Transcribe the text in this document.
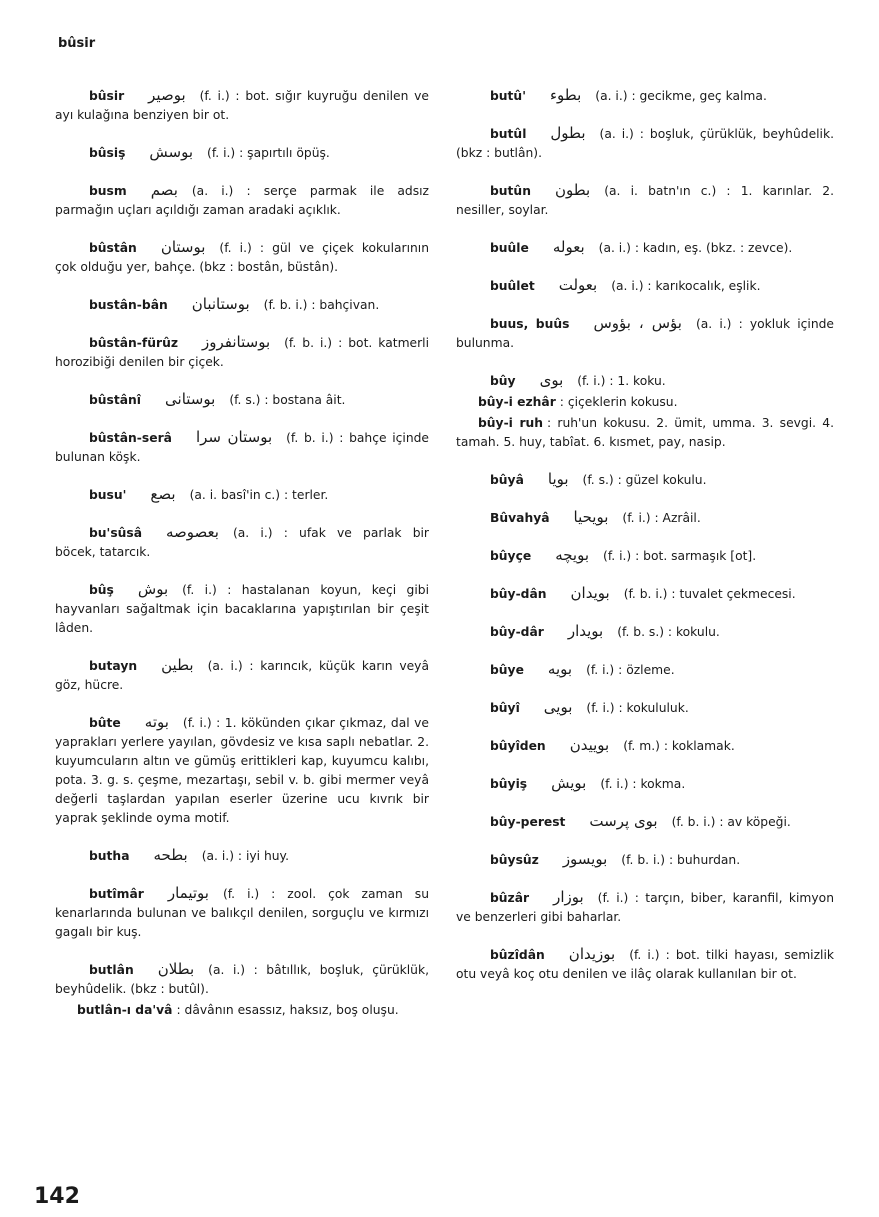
bûsir

bûsir بوصیر (f. i.) : bot. sığır kuyruğu denilen ve ayı kulağına benziyen bir ot.

bûsiş بوسش (f. i.) : şapırtılı öpüş.

busm بصم (a. i.) : serçe parmak ile adsız parmağın uçları açıldığı zaman aradaki açıklık.

bûstân بوستان (f. i.) : gül ve çiçek kokularının çok olduğu yer, bahçe. (bkz : bostân, büstân).

bustân-bân بوستانبان (f. b. i.) : bahçivan.

bûstân-fürûz بوستانفروز (f. b. i.) : bot. katmerli horozibiği denilen bir çiçek.

bûstânî بوستانی (f. s.) : bostana âit.

bûstân-serâ بوستان سرا (f. b. i.) : bahçe içinde bulunan köşk.

busu' بصع (a. i. basî'in c.) : terler.

bu'sûsâ بعصوصه (a. i.) : ufak ve parlak bir böcek, tatarcık.

bûş بوش (f. i.) : hastalanan koyun, keçi gibi hayvanları sağaltmak için bacaklarına yapıştırılan bir çeşit lâden.

butayn بطین (a. i.) : karıncık, küçük karın veyâ göz, hücre.

bûte بوته (f. i.) : 1. kökünden çıkar çıkmaz, dal ve yaprakları yerlere yayılan, gövdesiz ve kısa saplı nebatlar. 2. kuyumcuların altın ve gümüş erittikleri kap, kuyumcu kalıbı, pota. 3. g. s. çeşme, mezartaşı, sebil v. b. gibi mermer veyâ değerli taşlardan yapılan eserler üzerine ucu kıvrık bir yaprak şeklinde oyma motif.

butha بطحه (a. i.) : iyi huy.

butîmâr بوتیمار (f. i.) : zool. çok zaman su kenarlarında bulunan ve balıkçıl denilen, sorguçlu ve kırmızı gagalı bir kuş.

butlân بطلان (a. i.) : bâtıllık, boşluk, çürüklük, beyhûdelik. (bkz : butûl).

butlân-ı da'vâ : dâvânın esassız, haksız, boş oluşu.

butû' بطوء (a. i.) : gecikme, geç kalma.

butûl بطول (a. i.) : boşluk, çürüklük, beyhûdelik. (bkz : butlân).

butûn بطون (a. i. batn'ın c.) : 1. karınlar. 2. nesiller, soylar.

buûle بعوله (a. i.) : kadın, eş. (bkz. : zevce).

buûlet بعولت (a. i.) : karıkocalık, eşlik.

buus, buûs بؤس ، بؤوس (a. i.) : yokluk içinde bulunma.

bûy بوی (f. i.) : 1. koku.

bûy-i ezhâr : çiçeklerin kokusu.

bûy-i ruh : ruh'un kokusu. 2. ümit, umma. 3. sevgi. 4. tamah. 5. huy, tabîat. 6. kısmet, pay, nasip.

bûyâ بویا (f. s.) : güzel kokulu.

Bûvahyâ بویحیا (f. i.) : Azrâil.

bûyçe بویچه (f. i.) : bot. sarmaşık [ot].

bûy-dân بویدان (f. b. i.) : tuvalet çekmecesi.

bûy-dâr بویدار (f. b. s.) : kokulu.

bûye بویه (f. i.) : özleme.

bûyî بویی (f. i.) : kokululuk.

bûyîden بوییدن (f. m.) : koklamak.

bûyiş بویش (f. i.) : kokma.

bûy-perest بوی پرست (f. b. i.) : av köpeği.

bûysûz بویسوز (f. b. i.) : buhurdan.

bûzâr بوزار (f. i.) : tarçın, biber, karanfil, kimyon ve benzerleri gibi baharlar.

bûzîdân بوزیدان (f. i.) : bot. tilki hayası, semizlik otu veyâ koç otu denilen ve ilâç olarak kullanılan bir ot.

142
